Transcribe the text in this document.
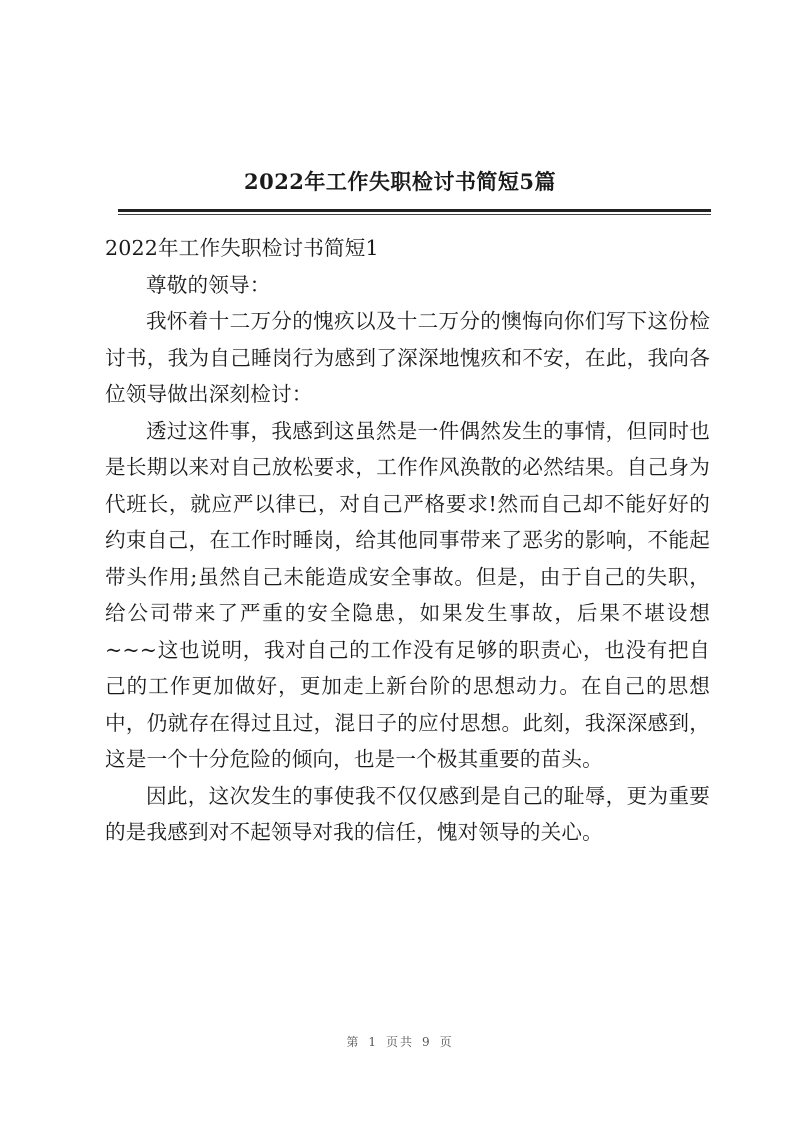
2022年工作失职检讨书简短5篇
2022年工作失职检讨书简短1

尊敬的领导：

我怀着十二万分的愧疚以及十二万分的懊悔向你们写下这份检讨书，我为自己睡岗行为感到了深深地愧疚和不安，在此，我向各位领导做出深刻检讨：

透过这件事，我感到这虽然是一件偶然发生的事情，但同时也是长期以来对自己放松要求，工作作风涣散的必然结果。自己身为代班长，就应严以律已，对自己严格要求!然而自己却不能好好的约束自己，在工作时睡岗，给其他同事带来了恶劣的影响，不能起带头作用;虽然自己未能造成安全事故。但是，由于自己的失职，给公司带来了严重的安全隐患，如果发生事故，后果不堪设想~~~这也说明，我对自己的工作没有足够的职责心，也没有把自己的工作更加做好，更加走上新台阶的思想动力。在自己的思想中，仍就存在得过且过，混日子的应付思想。此刻，我深深感到，这是一个十分危险的倾向，也是一个极其重要的苗头。

因此，这次发生的事使我不仅仅感到是自己的耻辱，更为重要的是我感到对不起领导对我的信任，愧对领导的关心。

第 1 页共 9 页
